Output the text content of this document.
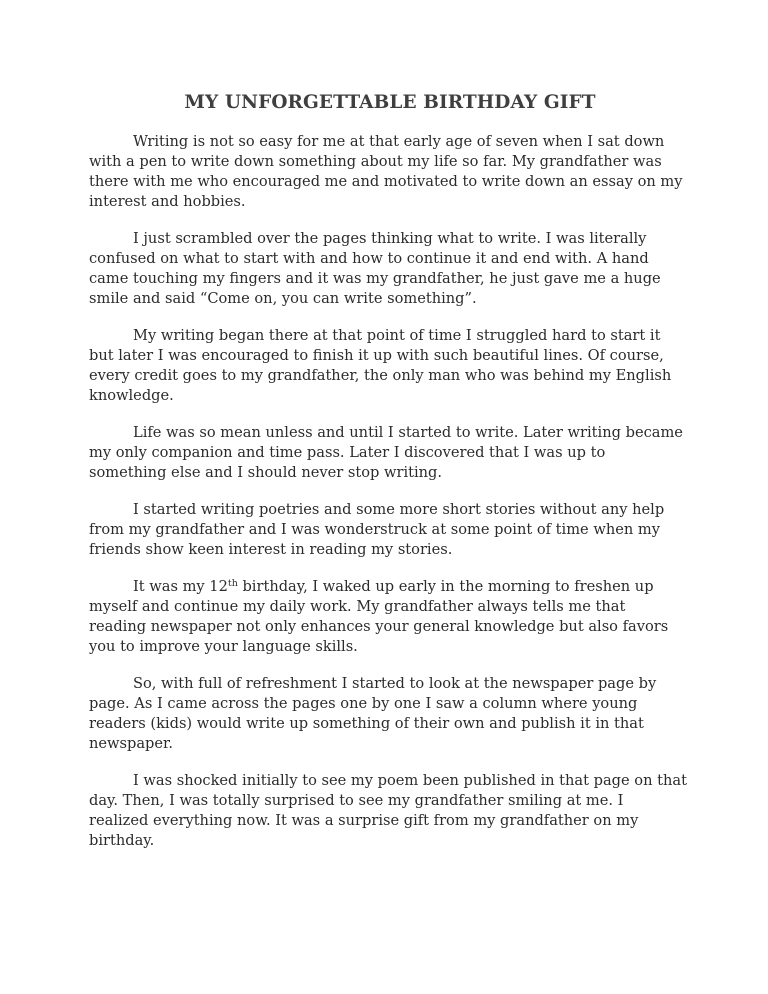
MY UNFORGETTABLE BIRTHDAY GIFT

Writing is not so easy for me at that early age of seven when I sat down with a pen to write down something about my life so far. My grandfather was there with me who encouraged me and motivated to write down an essay on my interest and hobbies.

I just scrambled over the pages thinking what to write. I was literally confused on what to start with and how to continue it and end with. A hand came touching my fingers and it was my grandfather, he just gave me a huge smile and said “Come on, you can write something”.

My writing began there at that point of time I struggled hard to start it but later I was encouraged to finish it up with such beautiful lines. Of course, every credit goes to my grandfather, the only man who was behind my English knowledge.

Life was so mean unless and until I started to write. Later writing became my only companion and time pass. Later I discovered that I was up to something else and I should never stop writing.

I started writing poetries and some more short stories without any help from my grandfather and I was wonderstruck at some point of time when my friends show keen interest in reading my stories.

It was my 12th birthday, I waked up early in the morning to freshen up myself and continue my daily work. My grandfather always tells me that reading newspaper not only enhances your general knowledge but also favors you to improve your language skills.

So, with full of refreshment I started to look at the newspaper page by page. As I came across the pages one by one I saw a column where young readers (kids) would write up something of their own and publish it in that newspaper.

I was shocked initially to see my poem been published in that page on that day. Then, I was totally surprised to see my grandfather smiling at me. I realized everything now. It was a surprise gift from my grandfather on my birthday.
